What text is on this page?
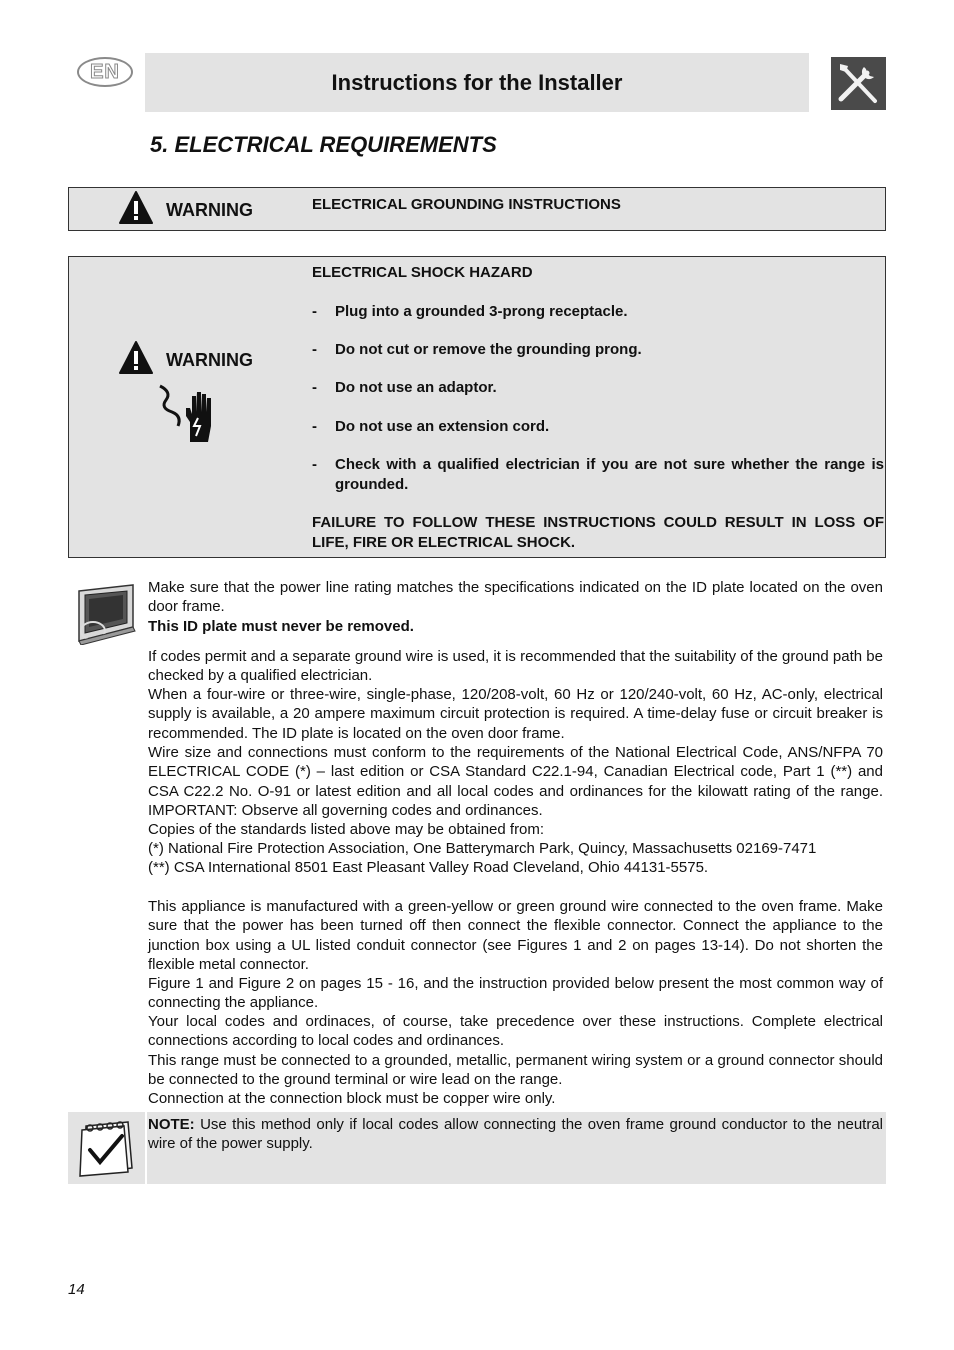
EN	Instructions for the Installer
5. ELECTRICAL REQUIREMENTS
WARNING	ELECTRICAL GROUNDING INSTRUCTIONS
WARNING
ELECTRICAL SHOCK HAZARD
- Plug into a grounded 3-prong receptacle.
- Do not cut or remove the grounding prong.
- Do not use an adaptor.
- Do not use an extension cord.
- Check with a qualified electrician if you are not sure whether the range is grounded.
FAILURE TO FOLLOW THESE INSTRUCTIONS COULD RESULT IN LOSS OF LIFE, FIRE OR ELECTRICAL SHOCK.
Make sure that the power line rating matches the specifications indicated on the ID plate located on the oven door frame.
This ID plate must never be removed.
If codes permit and a separate ground wire is used, it is recommended that the suitability of the ground path be checked by a qualified electrician.
When a four-wire or three-wire, single-phase, 120/208-volt, 60 Hz or 120/240-volt, 60 Hz, AC-only, electrical supply is available, a 20 ampere maximum circuit protection is required. A time-delay fuse or circuit breaker is recommended. The ID plate is located on the oven door frame.
Wire size and connections must conform to the requirements of the National Electrical Code, ANS/NFPA 70 ELECTRICAL CODE (*) – last edition or CSA Standard C22.1-94, Canadian Electrical code, Part 1 (**) and CSA C22.2 No. O-91 or latest edition and all local codes and ordinances for the kilowatt rating of the range. IMPORTANT: Observe all governing codes and ordinances.
Copies of the standards listed above may be obtained from:
(*) National Fire Protection Association, One Batterymarch Park, Quincy, Massachusetts 02169-7471
(**) CSA International 8501 East Pleasant Valley Road Cleveland, Ohio 44131-5575.
This appliance is manufactured with a green-yellow or green ground wire connected to the oven frame. Make sure that the power has been turned off then connect the flexible connector. Connect the appliance to the junction box using a UL listed conduit connector (see Figures 1 and 2 on pages 13-14). Do not shorten the flexible metal connector.
Figure 1 and Figure 2 on pages 15 - 16, and the instruction provided below present the most common way of connecting the appliance.
Your local codes and ordinaces, of course, take precedence over these instructions. Complete electrical connections according to local codes and ordinances.
This range must be connected to a grounded, metallic, permanent wiring system or a ground connector should be connected to the ground terminal or wire lead on the range.
Connection at the connection block must be copper wire only.
NOTE: Use this method only if local codes allow connecting the oven frame ground conductor to the neutral wire of the power supply.
14
